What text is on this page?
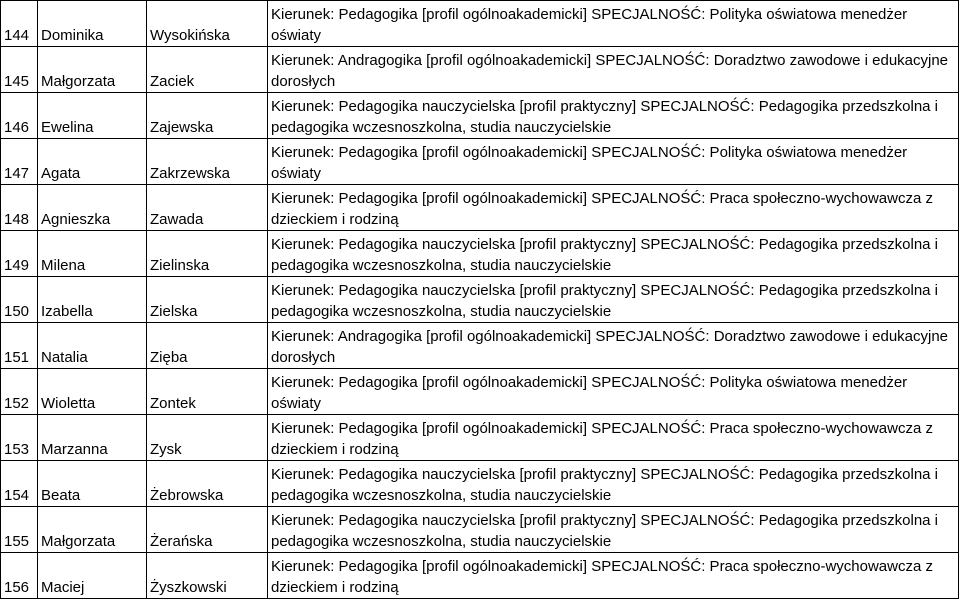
144	Dominika	Wysokińska	Kierunek: Pedagogika [profil ogólnoakademicki] SPECJALNOŚĆ: Polityka oświatowa menedżer oświaty
145	Małgorzata	Zaciek	Kierunek: Andragogika [profil ogólnoakademicki] SPECJALNOŚĆ: Doradztwo zawodowe i edukacyjne dorosłych
146	Ewelina	Zajewska	Kierunek: Pedagogika nauczycielska [profil praktyczny] SPECJALNOŚĆ: Pedagogika przedszkolna i pedagogika wczesnoszkolna, studia nauczycielskie
147	Agata	Zakrzewska	Kierunek: Pedagogika [profil ogólnoakademicki] SPECJALNOŚĆ: Polityka oświatowa menedżer oświaty
148	Agnieszka	Zawada	Kierunek: Pedagogika [profil ogólnoakademicki] SPECJALNOŚĆ: Praca społeczno-wychowawcza z dzieckiem i rodziną
149	Milena	Zielinska	Kierunek: Pedagogika nauczycielska [profil praktyczny] SPECJALNOŚĆ: Pedagogika przedszkolna i pedagogika wczesnoszkolna, studia nauczycielskie
150	Izabella	Zielska	Kierunek: Pedagogika nauczycielska [profil praktyczny] SPECJALNOŚĆ: Pedagogika przedszkolna i pedagogika wczesnoszkolna, studia nauczycielskie
151	Natalia	Zięba	Kierunek: Andragogika [profil ogólnoakademicki] SPECJALNOŚĆ: Doradztwo zawodowe i edukacyjne dorosłych
152	Wioletta	Zontek	Kierunek: Pedagogika [profil ogólnoakademicki] SPECJALNOŚĆ: Polityka oświatowa menedżer oświaty
153	Marzanna	Zysk	Kierunek: Pedagogika [profil ogólnoakademicki] SPECJALNOŚĆ: Praca społeczno-wychowawcza z dzieckiem i rodziną
154	Beata	Żebrowska	Kierunek: Pedagogika nauczycielska [profil praktyczny] SPECJALNOŚĆ: Pedagogika przedszkolna i pedagogika wczesnoszkolna, studia nauczycielskie
155	Małgorzata	Żerańska	Kierunek: Pedagogika nauczycielska [profil praktyczny] SPECJALNOŚĆ: Pedagogika przedszkolna i pedagogika wczesnoszkolna, studia nauczycielskie
156	Maciej	Żyszkowski	Kierunek: Pedagogika [profil ogólnoakademicki] SPECJALNOŚĆ: Praca społeczno-wychowawcza z dzieckiem i rodziną
